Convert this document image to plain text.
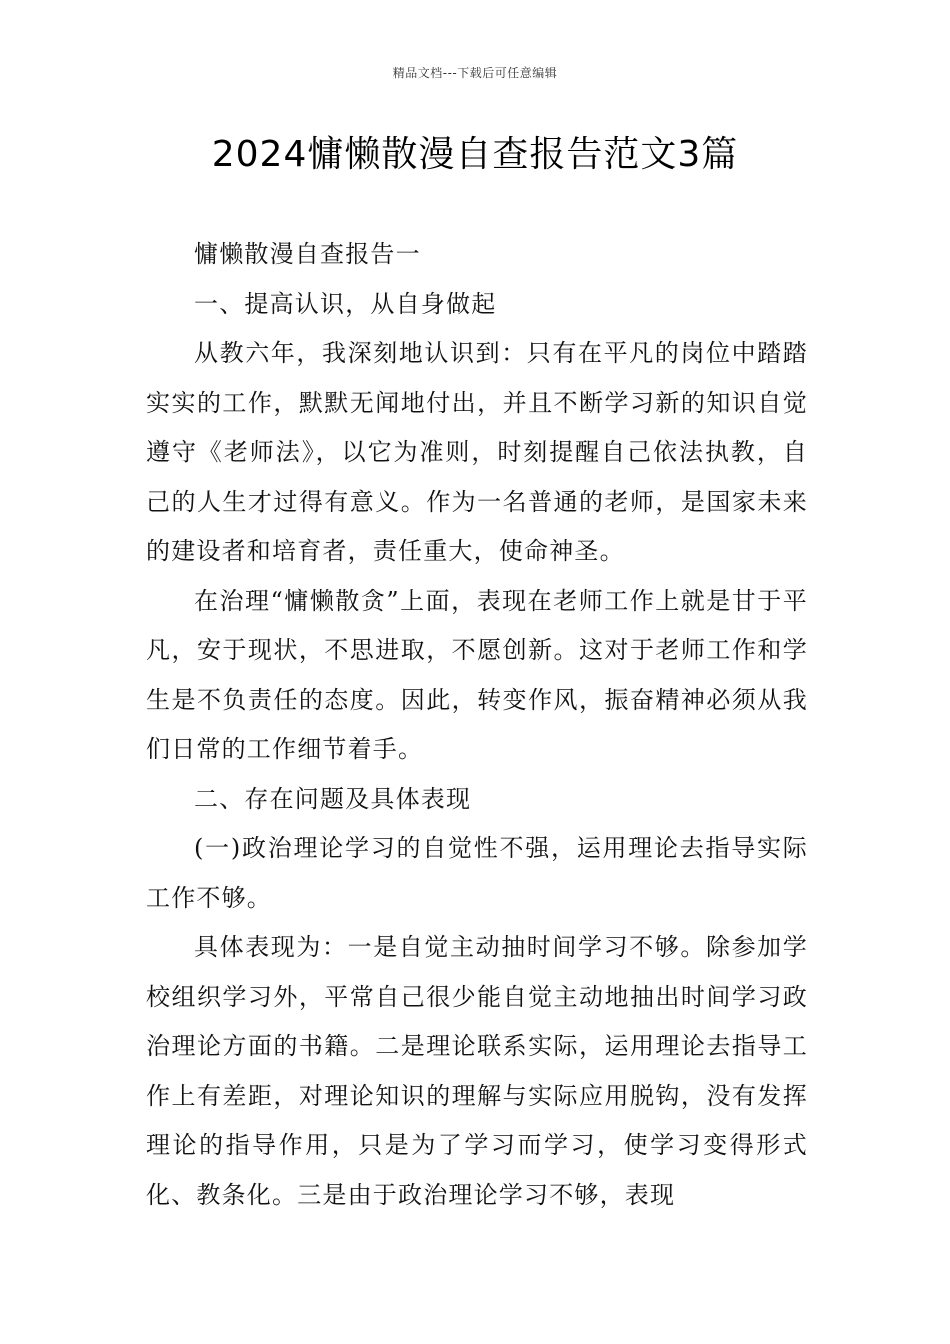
精品文档---下载后可任意编辑
2024慵懒散漫自查报告范文3篇

慵懒散漫自查报告一

一、提高认识，从自身做起

从教六年，我深刻地认识到：只有在平凡的岗位中踏踏实实的工作，默默无闻地付出，并且不断学习新的知识自觉遵守《老师法》，以它为准则，时刻提醒自己依法执教，自己的人生才过得有意义。作为一名普通的老师，是国家未来的建设者和培育者，责任重大，使命神圣。

在治理“慵懒散贪”上面，表现在老师工作上就是甘于平凡，安于现状，不思进取，不愿创新。这对于老师工作和学生是不负责任的态度。因此，转变作风，振奋精神必须从我们日常的工作细节着手。

二、存在问题及具体表现

(一)政治理论学习的自觉性不强，运用理论去指导实际工作不够。

具体表现为：一是自觉主动抽时间学习不够。除参加学校组织学习外，平常自己很少能自觉主动地抽出时间学习政治理论方面的书籍。二是理论联系实际，运用理论去指导工作上有差距，对理论知识的理解与实际应用脱钩，没有发挥理论的指导作用，只是为了学习而学习，使学习变得形式化、教条化。三是由于政治理论学习不够，表现
